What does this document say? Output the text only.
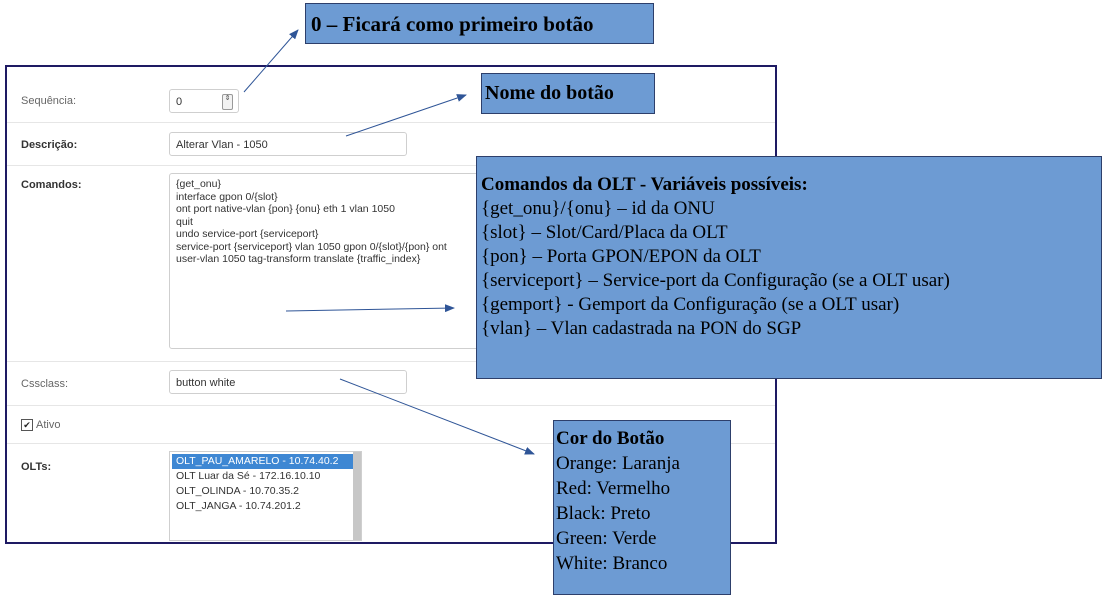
Sequência:	0	⇕
Descrição:	Alterar Vlan - 1050
Comandos:	{get_onu}
interface gpon 0/{slot}
ont port native-vlan {pon} {onu} eth 1 vlan 1050
quit
undo service-port {serviceport}
service-port {serviceport} vlan 1050 gpon 0/{slot}/{pon} ont
user-vlan 1050 tag-transform translate {traffic_index}
Cssclass:	button white
✔ Ativo
OLTs:	OLT_PAU_AMARELO - 10.74.40.2
OLT Luar da Sé - 172.16.10.10
OLT_OLINDA - 10.70.35.2
OLT_JANGA - 10.74.201.2
0 – Ficará como primeiro botão
Nome do botão
Comandos da OLT - Variáveis possíveis:
{get_onu}/{onu} – id da ONU
{slot} – Slot/Card/Placa da OLT
{pon} – Porta GPON/EPON da OLT
{serviceport} – Service-port da Configuração (se a OLT usar)
{gemport} - Gemport da Configuração (se a OLT usar)
{vlan} – Vlan cadastrada na PON do SGP
Cor do Botão
Orange: Laranja
Red: Vermelho
Black: Preto
Green: Verde
White: Branco
